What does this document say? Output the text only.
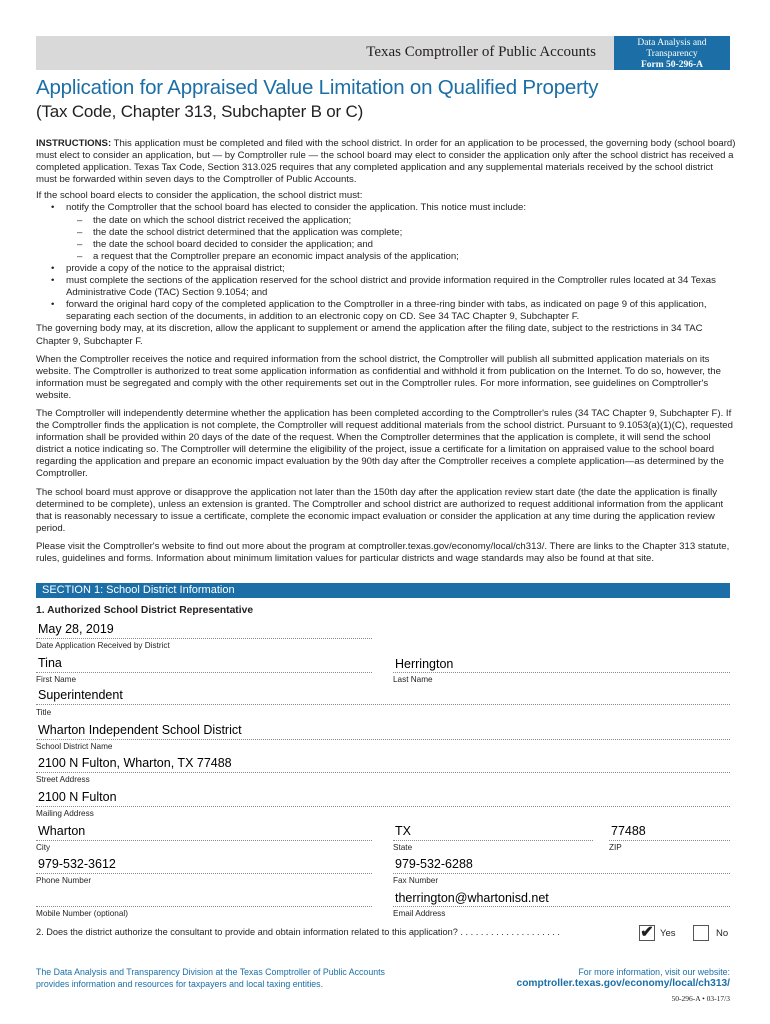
Texas Comptroller of Public Accounts
Data Analysis and
Transparency
Form 50-296-A
Application for Appraised Value Limitation on Qualified Property
(Tax Code, Chapter 313, Subchapter B or C)

INSTRUCTIONS: This application must be completed and filed with the school district. In order for an application to be processed, the governing body (school board) must elect to consider an application, but — by Comptroller rule — the school board may elect to consider the application only after the school district has received a completed application. Texas Tax Code, Section 313.025 requires that any completed application and any supplemental materials received by the school district must be forwarded within seven days to the Comptroller of Public Accounts.

If the school board elects to consider the application, the school district must:

• notify the Comptroller that the school board has elected to consider the application. This notice must include:
– the date on which the school district received the application;
– the date the school district determined that the application was complete;
– the date the school board decided to consider the application; and
– a request that the Comptroller prepare an economic impact analysis of the application;
• provide a copy of the notice to the appraisal district;
• must complete the sections of the application reserved for the school district and provide information required in the Comptroller rules located at 34 Texas Administrative Code (TAC) Section 9.1054; and
• forward the original hard copy of the completed application to the Comptroller in a three-ring binder with tabs, as indicated on page 9 of this application, separating each section of the documents, in addition to an electronic copy on CD. See 34 TAC Chapter 9, Subchapter F.

The governing body may, at its discretion, allow the applicant to supplement or amend the application after the filing date, subject to the restrictions in 34 TAC Chapter 9, Subchapter F.

When the Comptroller receives the notice and required information from the school district, the Comptroller will publish all submitted application materials on its website. The Comptroller is authorized to treat some application information as confidential and withhold it from publication on the Internet. To do so, however, the information must be segregated and comply with the other requirements set out in the Comptroller rules. For more information, see guidelines on Comptroller's website.

The Comptroller will independently determine whether the application has been completed according to the Comptroller's rules (34 TAC Chapter 9, Subchapter F). If the Comptroller finds the application is not complete, the Comptroller will request additional materials from the school district. Pursuant to 9.1053(a)(1)(C), requested information shall be provided within 20 days of the date of the request. When the Comptroller determines that the application is complete, it will send the school district a notice indicating so. The Comptroller will determine the eligibility of the project, issue a certificate for a limitation on appraised value to the school board regarding the application and prepare an economic impact evaluation by the 90th day after the Comptroller receives a complete application—as determined by the Comptroller.

The school board must approve or disapprove the application not later than the 150th day after the application review start date (the date the application is finally determined to be complete), unless an extension is granted. The Comptroller and school district are authorized to request additional information from the applicant that is reasonably necessary to issue a certificate, complete the economic impact evaluation or consider the application at any time during the application review period.

Please visit the Comptroller's website to find out more about the program at comptroller.texas.gov/economy/local/ch313/. There are links to the Chapter 313 statute, rules, guidelines and forms. Information about minimum limitation values for particular districts and wage standards may also be found at that site.

SECTION 1: School District Information
1. Authorized School District Representative
May 28, 2019
Date Application Received by District
Tina
First Name
Herrington
Last Name
Superintendent
Title
Wharton Independent School District
School District Name
2100 N Fulton, Wharton, TX 77488
Street Address
2100 N Fulton
Mailing Address
Wharton
City
TX
State
77488
ZIP
979-532-3612
Phone Number
979-532-6288
Fax Number
Mobile Number (optional)
therrington@whartonisd.net
Email Address
2. Does the district authorize the consultant to provide and obtain information related to this application? . . . . . . . . . . . . . . . . . . . .	✔ Yes	No
The Data Analysis and Transparency Division at the Texas Comptroller of Public Accounts provides information and resources for taxpayers and local taxing entities.
For more information, visit our website:
comptroller.texas.gov/economy/local/ch313/
50-296-A • 03-17/3
